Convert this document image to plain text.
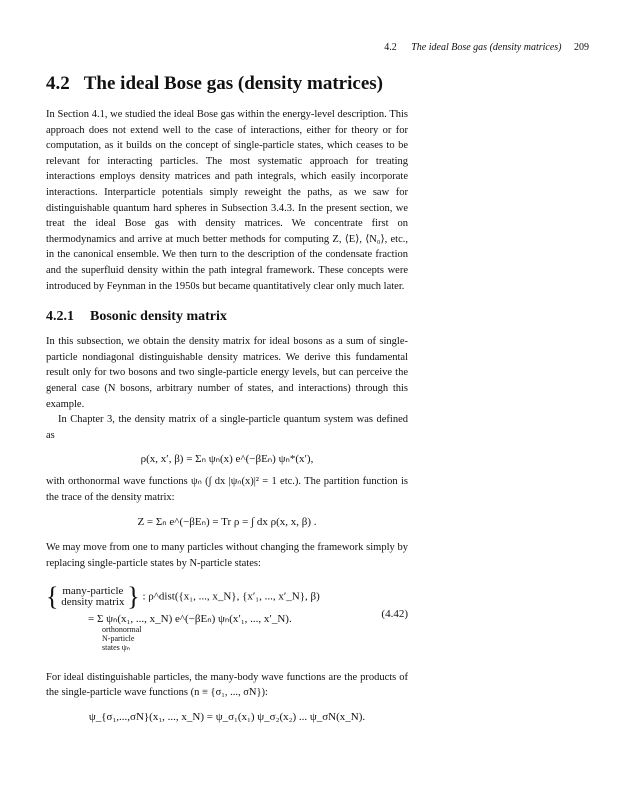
4.2 The ideal Bose gas (density matrices) 209
4.2 The ideal Bose gas (density matrices)

In Section 4.1, we studied the ideal Bose gas within the energy-level description. This approach does not extend well to the case of interactions, either for theory or for computation, as it builds on the concept of single-particle states, which ceases to be relevant for interacting particles. The most systematic approach for treating interactions employs density matrices and path integrals, which easily incorporate interactions. Interparticle potentials simply reweight the paths, as we saw for distinguishable quantum hard spheres in Subsection 3.4.3. In the present section, we treat the ideal Bose gas with density matrices. We concentrate first on thermodynamics and arrive at much better methods for computing Z, ⟨E⟩, ⟨N₀⟩, etc., in the canonical ensemble. We then turn to the description of the condensate fraction and the superfluid density within the path integral framework. These concepts were introduced by Feynman in the 1950s but became quantitatively clear only much later.

4.2.1 Bosonic density matrix

In this subsection, we obtain the density matrix for ideal bosons as a sum of single-particle nondiagonal distinguishable density matrices. We derive this fundamental result only for two bosons and two single-particle energy levels, but can perceive the general case (N bosons, arbitrary number of states, and interactions) through this example.

In Chapter 3, the density matrix of a single-particle quantum system was defined as

ρ(x, x′, β) = Σₙ ψₙ(x) e^(−βEₙ) ψₙ*(x′),

with orthonormal wave functions ψₙ (∫ dx |ψₙ(x)|² = 1 etc.). The partition function is the trace of the density matrix:

Z = Σₙ e^(−βEₙ) = Tr ρ = ∫ dx ρ(x, x, β) .

We may move from one to many particles without changing the framework simply by replacing single-particle states by N-particle states:

{ many-particle
density matrix } : ρ^dist({x₁, ..., x_N}, {x′₁, ..., x′_N}, β)
= Σ ψₙ(x₁, ..., x_N) e^(−βEₙ) ψₙ(x′₁, ..., x′_N).
orthonormal
N-particle
states ψₙ
(4.42)

For ideal distinguishable particles, the many-body wave functions are the products of the single-particle wave functions (n ≡ {σ₁, ..., σN}):

ψ_{σ₁,...,σN}(x₁, ..., x_N) = ψ_σ₁(x₁) ψ_σ₂(x₂) ... ψ_σN(x_N).
